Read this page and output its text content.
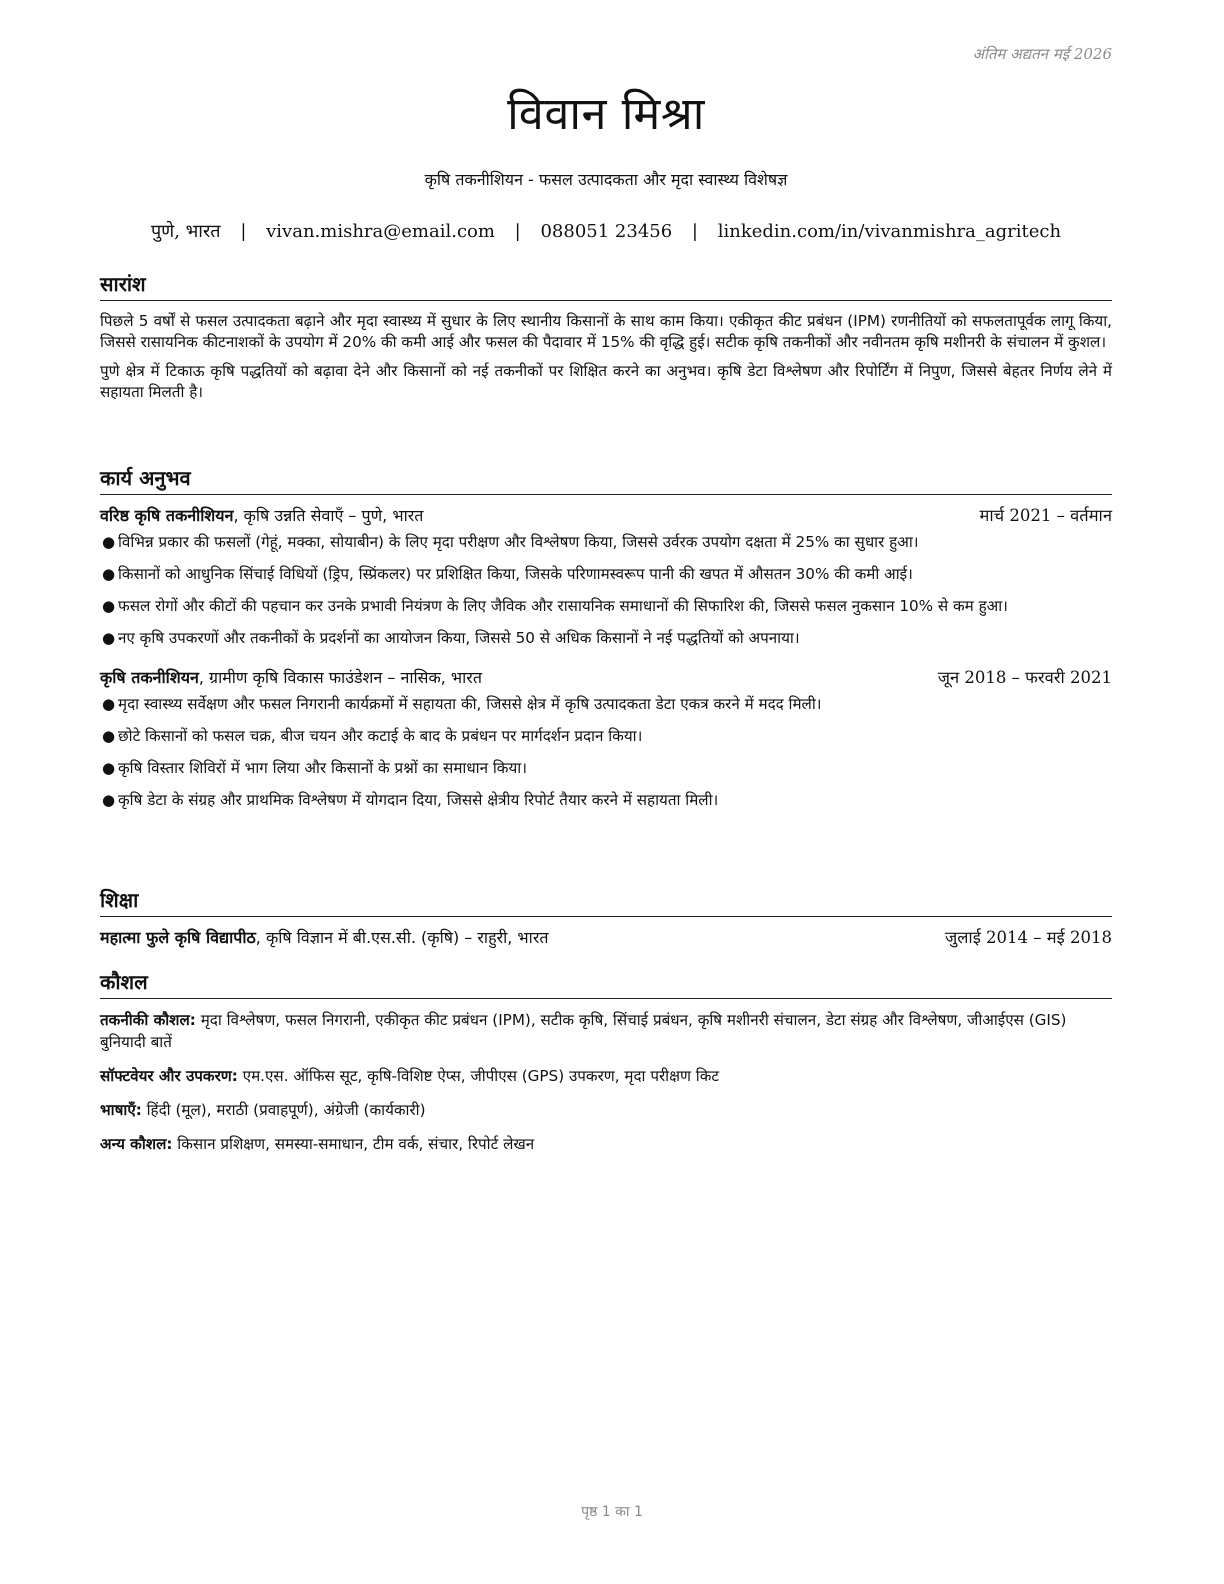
अंतिम अद्यतन मई 2026
विवान मिश्रा
कृषि तकनीशियन - फसल उत्पादकता और मृदा स्वास्थ्य विशेषज्ञ
पुणे, भारत | vivan.mishra@email.com | 088051 23456 | linkedin.com/in/vivanmishra_agritech
सारांश

पिछले 5 वर्षों से फसल उत्पादकता बढ़ाने और मृदा स्वास्थ्य में सुधार के लिए स्थानीय किसानों के साथ काम किया। एकीकृत कीट प्रबंधन (IPM) रणनीतियों को सफलतापूर्वक लागू किया, जिससे रासायनिक कीटनाशकों के उपयोग में 20% की कमी आई और फसल की पैदावार में 15% की वृद्धि हुई। सटीक कृषि तकनीकों और नवीनतम कृषि मशीनरी के संचालन में कुशल।

पुणे क्षेत्र में टिकाऊ कृषि पद्धतियों को बढ़ावा देने और किसानों को नई तकनीकों पर शिक्षित करने का अनुभव। कृषि डेटा विश्लेषण और रिपोर्टिंग में निपुण, जिससे बेहतर निर्णय लेने में सहायता मिलती है।

कार्य अनुभव
वरिष्ठ कृषि तकनीशियन, कृषि उन्नति सेवाएँ – पुणे, भारत	मार्च 2021 – वर्तमान
● विभिन्न प्रकार की फसलों (गेहूं, मक्का, सोयाबीन) के लिए मृदा परीक्षण और विश्लेषण किया, जिससे उर्वरक उपयोग दक्षता में 25% का सुधार हुआ।
● किसानों को आधुनिक सिंचाई विधियों (ड्रिप, स्प्रिंकलर) पर प्रशिक्षित किया, जिसके परिणामस्वरूप पानी की खपत में औसतन 30% की कमी आई।
● फसल रोगों और कीटों की पहचान कर उनके प्रभावी नियंत्रण के लिए जैविक और रासायनिक समाधानों की सिफारिश की, जिससे फसल नुकसान 10% से कम हुआ।
● नए कृषि उपकरणों और तकनीकों के प्रदर्शनों का आयोजन किया, जिससे 50 से अधिक किसानों ने नई पद्धतियों को अपनाया।
कृषि तकनीशियन, ग्रामीण कृषि विकास फाउंडेशन – नासिक, भारत	जून 2018 – फरवरी 2021
● मृदा स्वास्थ्य सर्वेक्षण और फसल निगरानी कार्यक्रमों में सहायता की, जिससे क्षेत्र में कृषि उत्पादकता डेटा एकत्र करने में मदद मिली।
● छोटे किसानों को फसल चक्र, बीज चयन और कटाई के बाद के प्रबंधन पर मार्गदर्शन प्रदान किया।
● कृषि विस्तार शिविरों में भाग लिया और किसानों के प्रश्नों का समाधान किया।
● कृषि डेटा के संग्रह और प्राथमिक विश्लेषण में योगदान दिया, जिससे क्षेत्रीय रिपोर्ट तैयार करने में सहायता मिली।
शिक्षा
महात्मा फुले कृषि विद्यापीठ, कृषि विज्ञान में बी.एस.सी. (कृषि) – राहुरी, भारत	जुलाई 2014 – मई 2018
कौशल
तकनीकी कौशल: मृदा विश्लेषण, फसल निगरानी, एकीकृत कीट प्रबंधन (IPM), सटीक कृषि, सिंचाई प्रबंधन, कृषि मशीनरी संचालन, डेटा संग्रह और विश्लेषण, जीआईएस (GIS) बुनियादी बातें
सॉफ्टवेयर और उपकरण: एम.एस. ऑफिस सूट, कृषि-विशिष्ट ऐप्स, जीपीएस (GPS) उपकरण, मृदा परीक्षण किट
भाषाएँ: हिंदी (मूल), मराठी (प्रवाहपूर्ण), अंग्रेजी (कार्यकारी)
अन्य कौशल: किसान प्रशिक्षण, समस्या-समाधान, टीम वर्क, संचार, रिपोर्ट लेखन
पृष्ठ 1 का 1
